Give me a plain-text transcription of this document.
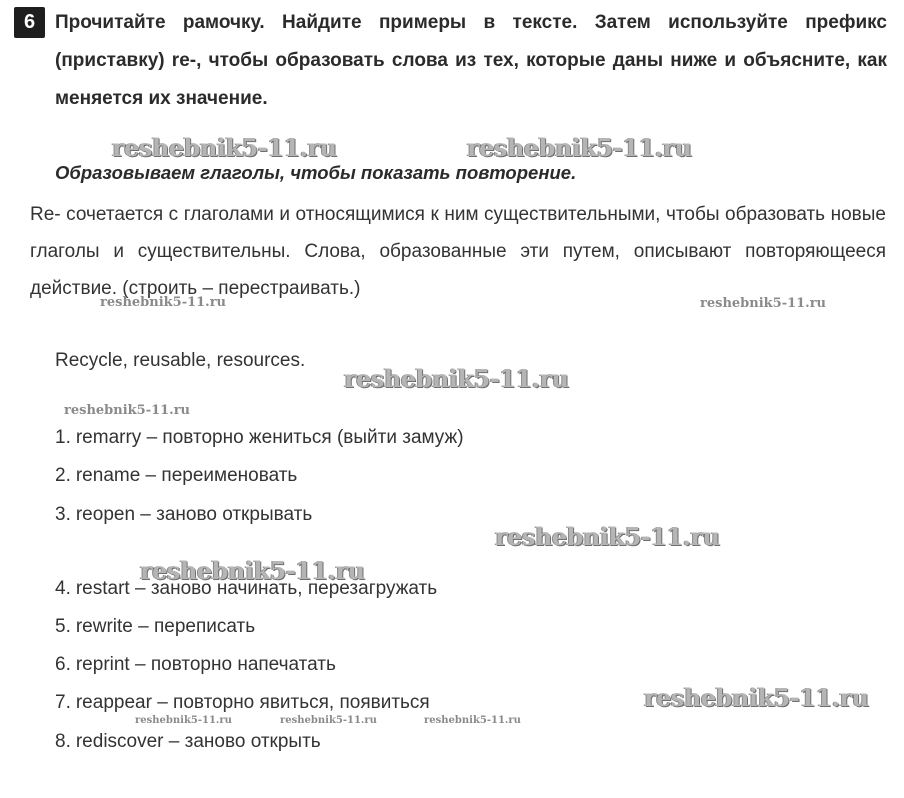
6	Прочитайте рамочку. Найдите примеры в тексте. Затем используйте префикс (приставку) re-, чтобы образовать слова из тех, которые даны ниже и объясните, как меняется их значение.
Образовываем глаголы, чтобы показать повторение.
Re- сочетается с глаголами и относящимися к ним существительными, чтобы образовать новые глаголы и существительны. Слова, образованные эти путем, описывают повторяющееся действие. (строить – перестраивать.)
Recycle, reusable, resources.
1. remarry – повторно жениться (выйти замуж)
2. rename – переименовать
3. reopen – заново открывать
4. restart – заново начинать, перезагружать
5. rewrite – переписать
6. reprint – повторно напечатать
7. reappear – повторно явиться, появиться
8. rediscover – заново открыть
reshebnik5-11.ru	reshebnik5-11.ru
reshebnik5-11.ru	reshebnik5-11.ru
reshebnik5-11.ru
reshebnik5-11.ru
reshebnik5-11.ru
reshebnik5-11.ru
reshebnik5-11.ru
reshebnik5-11.ru	reshebnik5-11.ru	reshebnik5-11.ru
